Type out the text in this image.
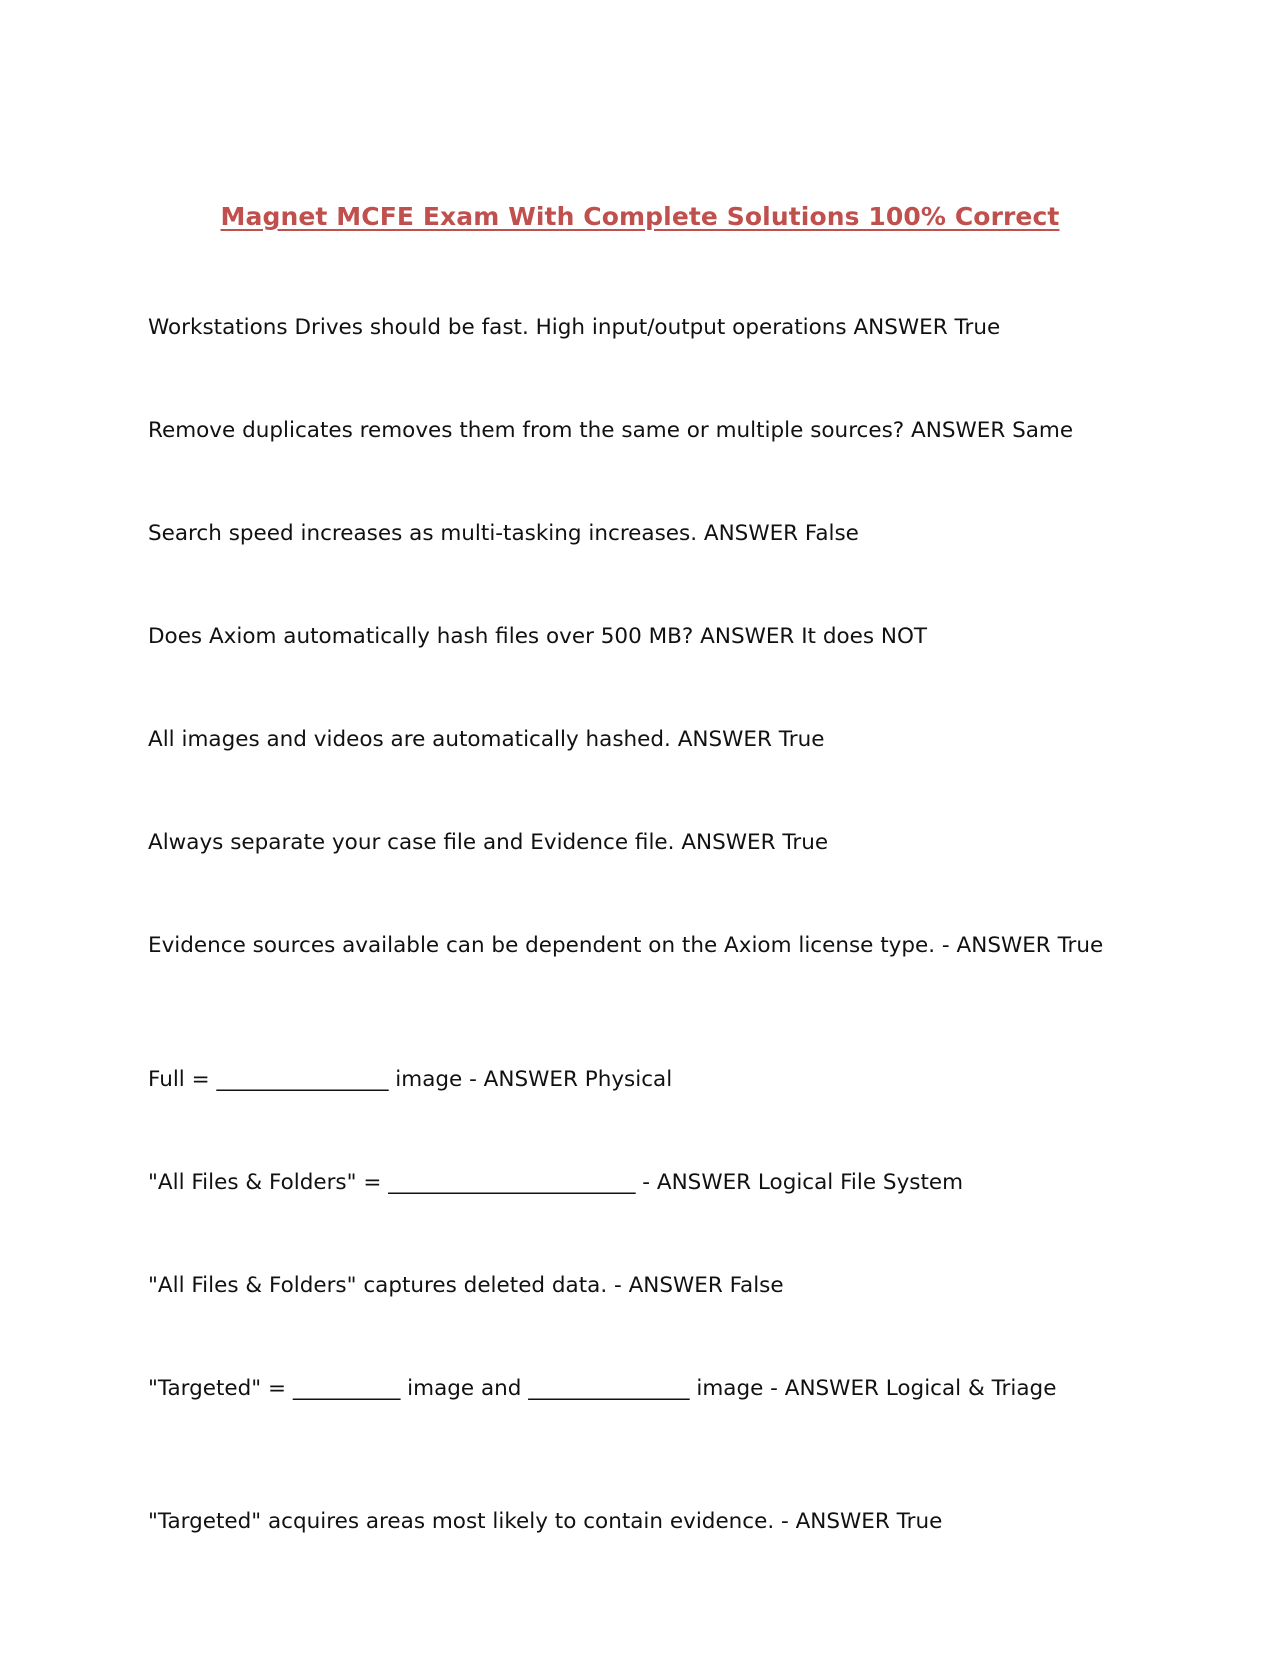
Magnet MCFE Exam With Complete Solutions 100% Correct
Workstations Drives should be fast. High input/output operations ANSWER True
Remove duplicates removes them from the same or multiple sources? ANSWER Same
Search speed increases as multi-tasking increases. ANSWER False
Does Axiom automatically hash files over 500 MB? ANSWER It does NOT
All images and videos are automatically hashed. ANSWER True
Always separate your case file and Evidence file. ANSWER True
Evidence sources available can be dependent on the Axiom license type. - ANSWER True
Full = ________________ image - ANSWER Physical
"All Files & Folders" = _______________________ - ANSWER Logical File System
"All Files & Folders" captures deleted data. - ANSWER False
"Targeted" = __________ image and _______________ image - ANSWER Logical & Triage
"Targeted" acquires areas most likely to contain evidence. - ANSWER True
